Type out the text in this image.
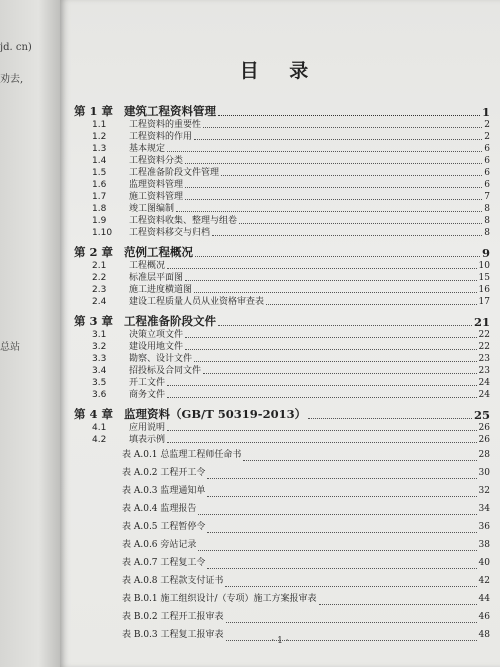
jd. cn)
劝去,
总站
目 录
第 1 章 建筑工程资料管理	1
1.1	工程资料的重要性	2
1.2	工程资料的作用	2
1.3	基本规定	6
1.4	工程资料分类	6
1.5	工程准备阶段文件管理	6
1.6	监理资料管理	6
1.7	施工资料管理	7
1.8	竣工图编制	8
1.9	工程资料收集、整理与组卷	8
1.10	工程资料移交与归档	8
第 2 章 范例工程概况	9
2.1	工程概况	10
2.2	标准层平面图	15
2.3	施工进度横道图	16
2.4	建设工程质量人员从业资格审查表	17
第 3 章 工程准备阶段文件	21
3.1	决策立项文件	22
3.2	建设用地文件	22
3.3	勘察、设计文件	23
3.4	招投标及合同文件	23
3.5	开工文件	24
3.6	商务文件	24
第 4 章 监理资料（GB/T 50319-2013）	25
4.1	应用说明	26
4.2	填表示例	26
表 A.0.1 总监理工程师任命书	28
表 A.0.2 工程开工令	30
表 A.0.3 监理通知单	32
表 A.0.4 监理报告	34
表 A.0.5 工程暂停令	36
表 A.0.6 旁站记录	38
表 A.0.7 工程复工令	40
表 A.0.8 工程款支付证书	42
表 B.0.1 施工组织设计/（专项）施工方案报审表	44
表 B.0.2 工程开工报审表	46
表 B.0.3 工程复工报审表	48
· 1 ·
